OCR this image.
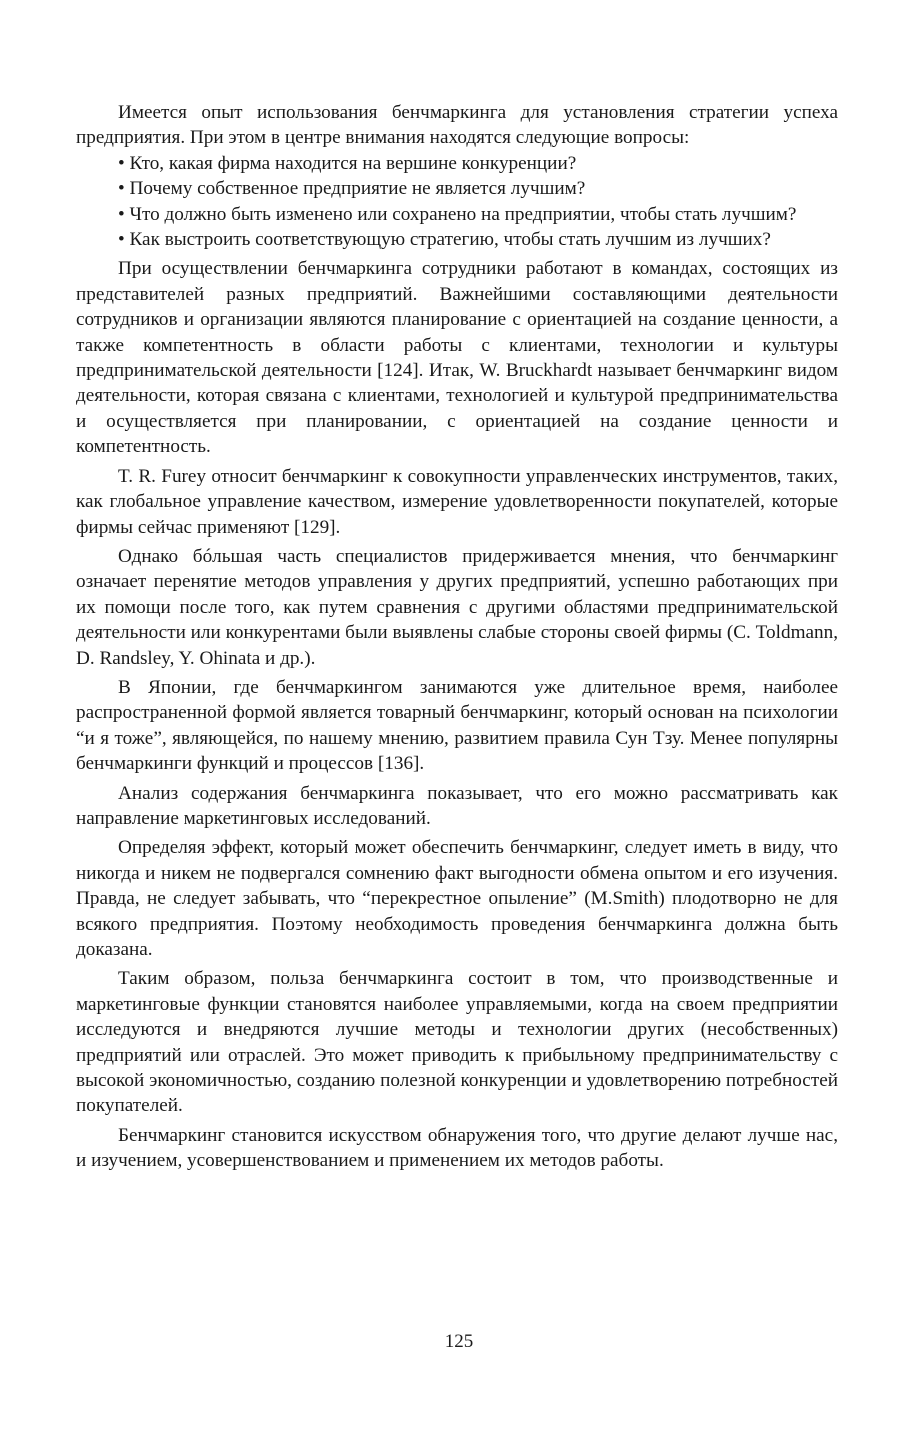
Имеется опыт использования бенчмаркинга для установления стратегии успеха предприятия. При этом в центре внимания находятся следующие вопросы:

• Кто, какая фирма находится на вершине конкуренции?

• Почему собственное предприятие не является лучшим?

• Что должно быть изменено или сохранено на предприятии, чтобы стать лучшим?

• Как выстроить соответствующую стратегию, чтобы стать лучшим из лучших?

При осуществлении бенчмаркинга сотрудники работают в командах, состоящих из представителей разных предприятий. Важнейшими составляющими деятельности сотрудников и организации являются планирование с ориентацией на создание ценности, а также компетентность в области работы с клиентами, технологии и культуры предпринимательской деятельности [124]. Итак, W. Bruckhardt называет бенчмаркинг видом деятельности, которая связана с клиентами, технологией и культурой предпринимательства и осуществляется при планировании, с ориентацией на создание ценности и компетентность.

T. R. Furey относит бенчмаркинг к совокупности управленческих инструментов, таких, как глобальное управление качеством, измерение удовлетворенности покупателей, которые фирмы сейчас применяют [129].

Однако бóльшая часть специалистов придерживается мнения, что бенчмаркинг означает перенятие методов управления у других предприятий, успешно работающих при их помощи после того, как путем сравнения с другими областями предпринимательской деятельности или конкурентами были выявлены слабые стороны своей фирмы (С. Toldmann, D. Randsley, Y. Ohinata и др.).

В Японии, где бенчмаркингом занимаются уже длительное время, наиболее распространенной формой является товарный бенчмаркинг, который основан на психологии “и я тоже”, являющейся, по нашему мнению, развитием правила Сун Тзу. Менее популярны бенчмаркинги функций и процессов [136].

Анализ содержания бенчмаркинга показывает, что его можно рассматривать как направление маркетинговых исследований.

Определяя эффект, который может обеспечить бенчмаркинг, следует иметь в виду, что никогда и никем не подвергался сомнению факт выгодности обмена опытом и его изучения. Правда, не следует забывать, что “перекрестное опыление” (M.Smith) плодотворно не для всякого предприятия. Поэтому необходимость проведения бенчмаркинга должна быть доказана.

Таким образом, польза бенчмаркинга состоит в том, что производственные и маркетинговые функции становятся наиболее управляемыми, когда на своем предприятии исследуются и внедряются лучшие методы и технологии других (несобственных) предприятий или отраслей. Это может приводить к прибыльному предпринимательству с высокой экономичностью, созданию полезной конкуренции и удовлетворению потребностей покупателей.

Бенчмаркинг становится искусством обнаружения того, что другие делают лучше нас, и изучением, усовершенствованием и применением их методов работы.

125
